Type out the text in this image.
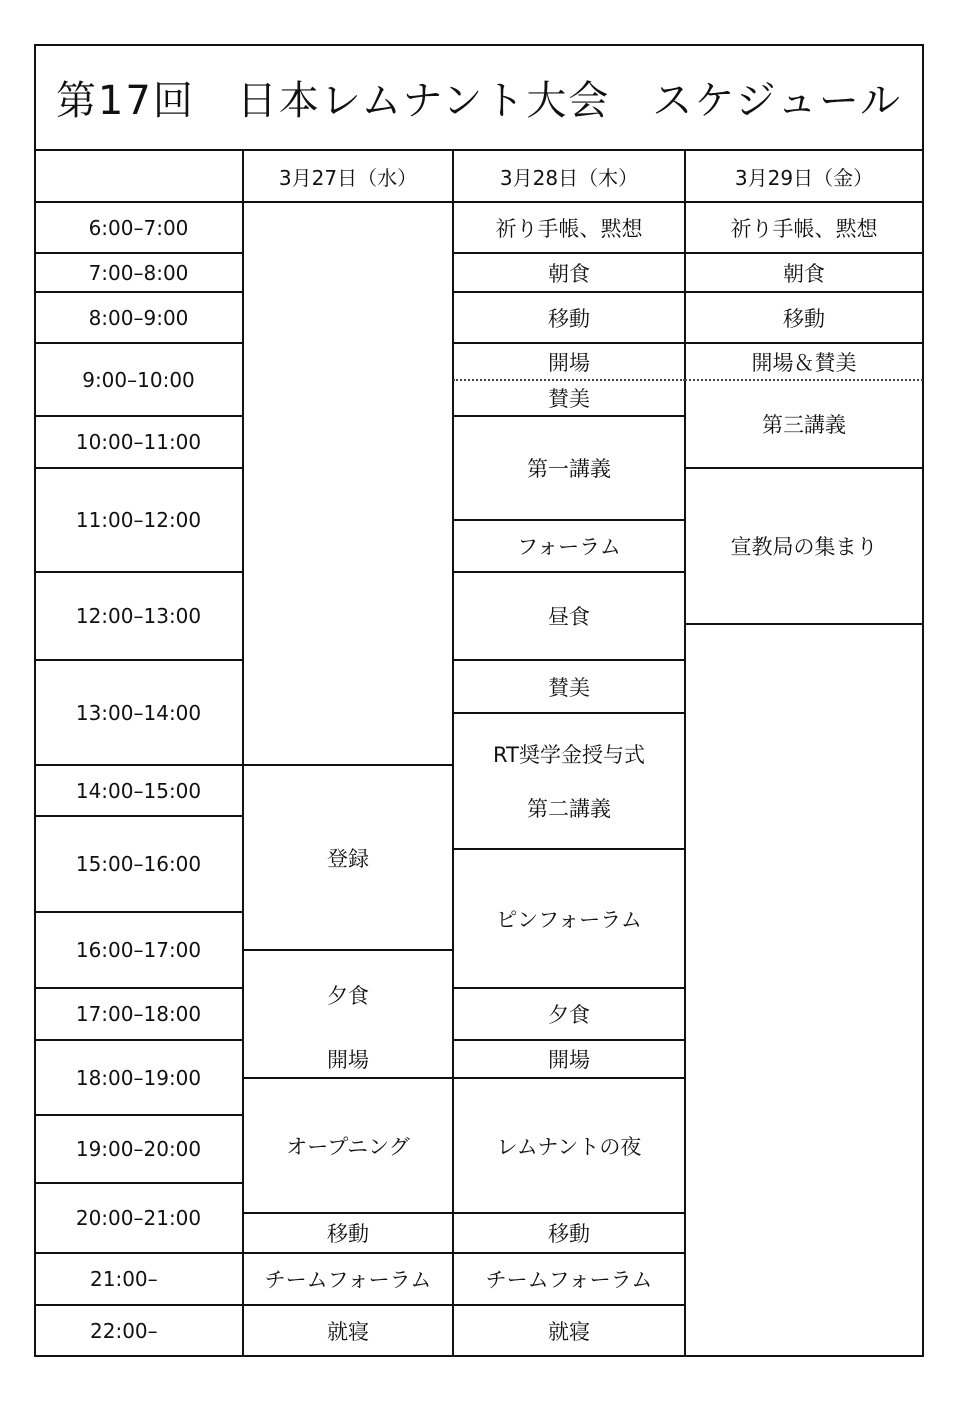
第17回　日本レムナント大会　スケジュール
3月27日（水）	3月28日（木）	3月29日（金）
6:00–7:00
7:00–8:00
8:00–9:00
9:00–10:00
10:00–11:00
11:00–12:00
12:00–13:00
13:00–14:00
14:00–15:00
15:00–16:00
16:00–17:00
17:00–18:00
18:00–19:00
19:00–20:00
20:00–21:00
21:00–
22:00–
登録
夕食
開場
オープニング
移動
チームフォーラム
就寝
祈り手帳、黙想
朝食
移動
開場
賛美
第一講義
フォーラム
昼食
賛美
RT奨学金授与式
第二講義
ピンフォーラム
夕食
開場
レムナントの夜
移動
チームフォーラム
就寝
祈り手帳、黙想
朝食
移動
開場＆賛美
第三講義
宣教局の集まり
